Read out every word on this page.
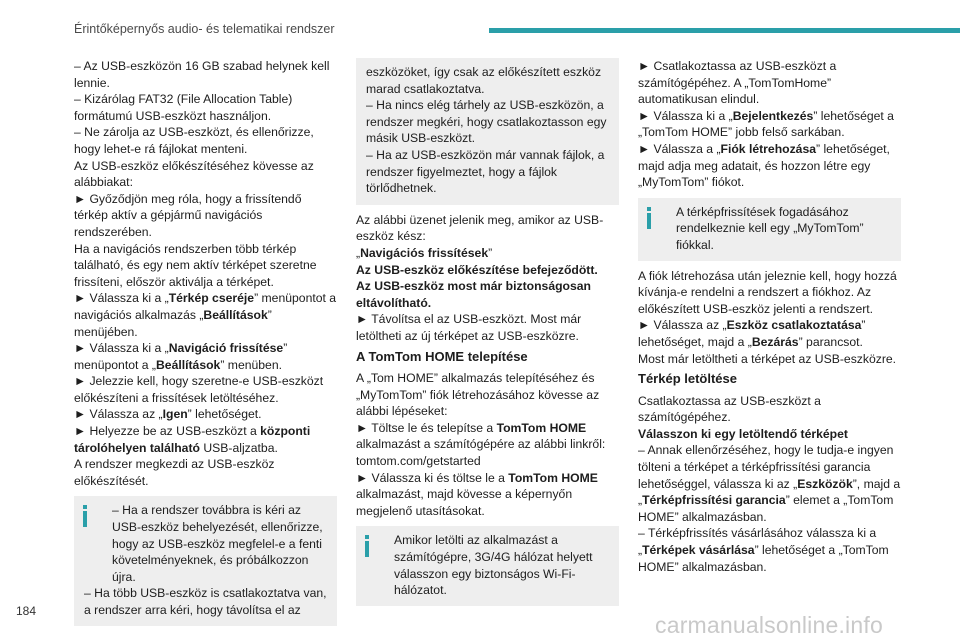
Érintőképernyős audio- és telematikai rendszer

– Az USB-eszközön 16 GB szabad helynek kell lennie.

– Kizárólag FAT32 (File Allocation Table) formátumú USB-eszközt használjon.

– Ne zárolja az USB-eszközt, és ellenőrizze, hogy lehet-e rá fájlokat menteni.

Az USB-eszköz előkészítéséhez kövesse az alábbiakat:

► Győződjön meg róla, hogy a frissítendő térkép aktív a gépjármű navigációs rendszerében.

Ha a navigációs rendszerben több térkép található, és egy nem aktív térképet szeretne frissíteni, először aktiválja a térképet.

► Válassza ki a „Térkép cseréje” menüpontot a navigációs alkalmazás „Beállítások” menüjében.

► Válassza ki a „Navigáció frissítése” menüpontot a „Beállítások” menüben.

► Jelezzie kell, hogy szeretne-e USB-eszközt előkészíteni a frissítések letöltéséhez.

► Válassza az „Igen” lehetőséget.

► Helyezze be az USB-eszközt a központi tárolóhelyen található USB-aljzatba.

A rendszer megkezdi az USB-eszköz előkészítését.

– Ha a rendszer továbbra is kéri az USB-eszköz behelyezését, ellenőrizze, hogy az USB-eszköz megfelel-e a fenti követelményeknek, és próbálkozzon újra.

– Ha több USB-eszköz is csatlakoztatva van, a rendszer arra kéri, hogy távolítsa el az

eszközöket, így csak az előkészített eszköz marad csatlakoztatva.

– Ha nincs elég tárhely az USB-eszközön, a rendszer megkéri, hogy csatlakoztasson egy másik USB-eszközt.

– Ha az USB-eszközön már vannak fájlok, a rendszer figyelmeztet, hogy a fájlok törlődhetnek.

Az alábbi üzenet jelenik meg, amikor az USB-eszköz kész:

„Navigációs frissítések”

Az USB-eszköz előkészítése befejeződött.

Az USB-eszköz most már biztonságosan eltávolítható.

► Távolítsa el az USB-eszközt. Most már letöltheti az új térképet az USB-eszközre.

A TomTom HOME telepítése

A „Tom HOME” alkalmazás telepítéséhez és „MyTomTom” fiók létrehozásához kövesse az alábbi lépéseket:

► Töltse le és telepítse a TomTom HOME alkalmazást a számítógépére az alábbi linkről: tomtom.com/getstarted

► Válassza ki és töltse le a TomTom HOME alkalmazást, majd kövesse a képernyőn megjelenő utasításokat.

Amikor letölti az alkalmazást a számítógépre, 3G/4G hálózat helyett válasszon egy biztonságos Wi-Fi-hálózatot.

► Csatlakoztassa az USB-eszközt a számítógépéhez. A „TomTomHome” automatikusan elindul.

► Válassza ki a „Bejelentkezés” lehetőséget a „TomTom HOME” jobb felső sarkában.

► Válassza a „Fiók létrehozása” lehetőséget, majd adja meg adatait, és hozzon létre egy „MyTomTom” fiókot.

A térképfrissítések fogadásához rendelkeznie kell egy „MyTomTom” fiókkal.

A fiók létrehozása után jeleznie kell, hogy hozzá kívánja-e rendelni a rendszert a fiókhoz. Az előkészített USB-eszköz jelenti a rendszert.

► Válassza az „Eszköz csatlakoztatása” lehetőséget, majd a „Bezárás” parancsot.

Most már letöltheti a térképet az USB-eszközre.

Térkép letöltése

Csatlakoztassa az USB-eszközt a számítógépéhez.

Válasszon ki egy letöltendő térképet

– Annak ellenőrzéséhez, hogy le tudja-e ingyen tölteni a térképet a térképfrissítési garancia lehetőséggel, válassza ki az „Eszközök”, majd a „Térképfrissítési garancia” elemet a „TomTom HOME” alkalmazásban.

– Térképfrissítés vásárlásához válassza ki a „Térképek vásárlása” lehetőséget a „TomTom HOME” alkalmazásban.

184
carmanualsonline.info
